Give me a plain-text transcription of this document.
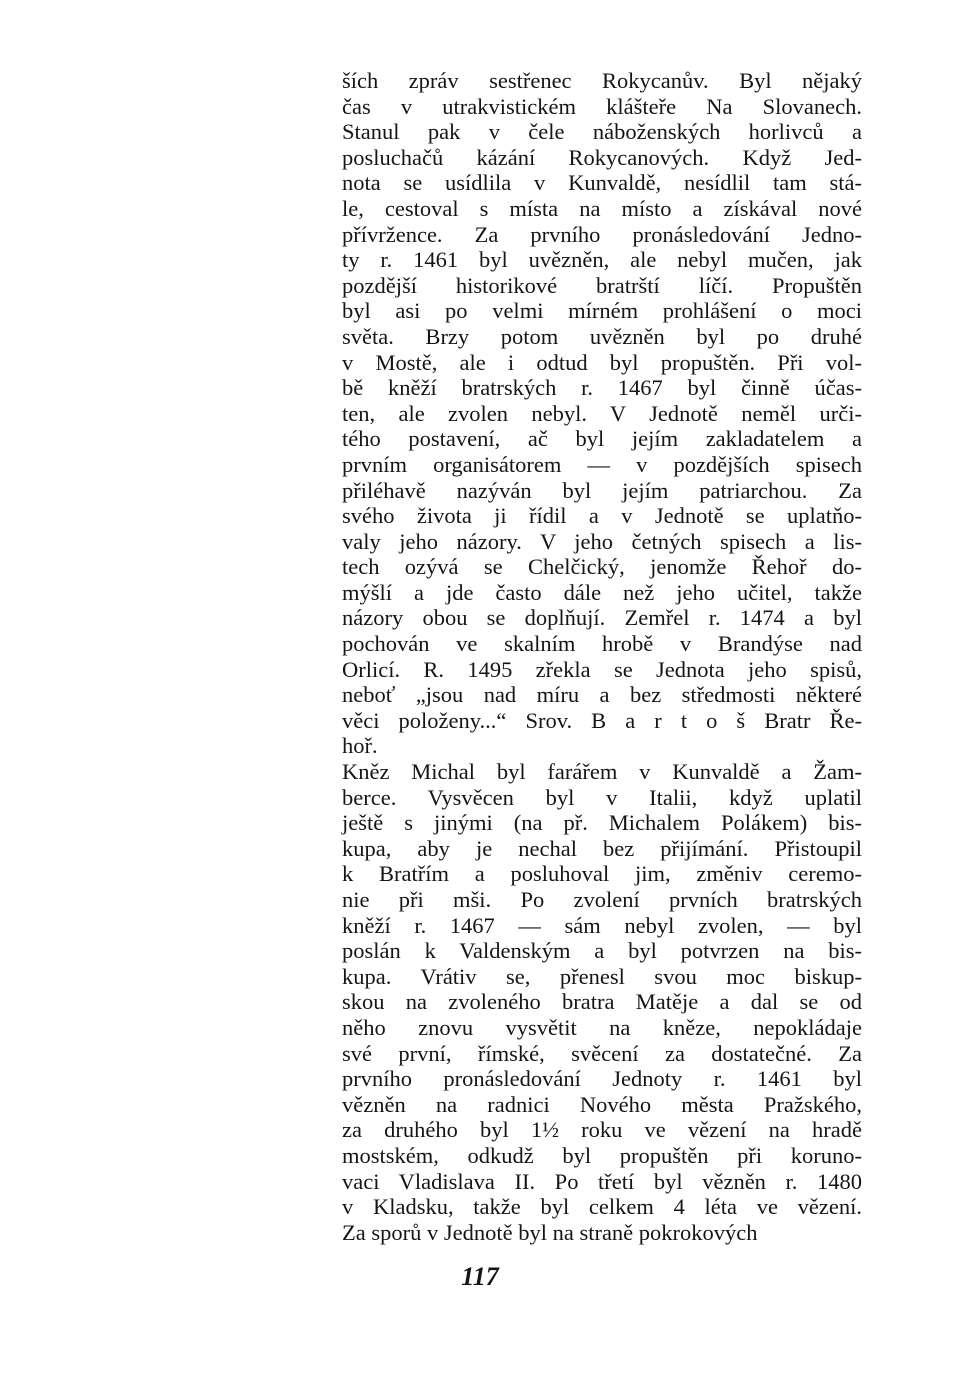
ších zpráv sestřenec Rokycanův. Byl nějaký
čas v utrakvistickém klášteře Na Slovanech.
Stanul pak v čele náboženských horlivců a
posluchačů kázání Rokycanových. Když Jed-
nota se usídlila v Kunvaldě, nesídlil tam stá-
le, cestoval s místa na místo a získával nové
přívržence. Za prvního pronásledování Jedno-
ty r. 1461 byl uvězněn, ale nebyl mučen, jak
pozdější historikové bratrští líčí. Propuštěn
byl asi po velmi mírném prohlášení o moci
světa. Brzy potom uvězněn byl po druhé
v Mostě, ale i odtud byl propuštěn. Při vol-
bě kněží bratrských r. 1467 byl činně účas-
ten, ale zvolen nebyl. V Jednotě neměl urči-
tého postavení, ač byl jejím zakladatelem a
prvním organisátorem — v pozdějších spisech
přiléhavě nazýván byl jejím patriarchou. Za
svého života ji řídil a v Jednotě se uplatňo-
valy jeho názory. V jeho četných spisech a lis-
tech ozývá se Chelčický, jenomže Řehoř do-
mýšlí a jde často dále než jeho učitel, takže
názory obou se doplňují. Zemřel r. 1474 a byl
pochován ve skalním hrobě v Brandýse nad
Orlicí. R. 1495 zřekla se Jednota jeho spisů,
neboť „jsou nad míru a bez středmosti některé
věci položeny...“ Srov. B a r t o š Bratr Ře-
hoř.
Kněz Michal byl farářem v Kunvaldě a Žam-
berce. Vysvěcen byl v Italii, když uplatil
ještě s jinými (na př. Michalem Polákem) bis-
kupa, aby je nechal bez přijímání. Přistoupil
k Bratřím a posluhoval jim, změniv ceremo-
nie při mši. Po zvolení prvních bratrských
kněží r. 1467 — sám nebyl zvolen, — byl
poslán k Valdenským a byl potvrzen na bis-
kupa. Vrátiv se, přenesl svou moc biskup-
skou na zvoleného bratra Matěje a dal se od
něho znovu vysvětit na kněze, nepokládaje
své první, římské, svěcení za dostatečné. Za
prvního pronásledování Jednoty r. 1461 byl
vězněn na radnici Nového města Pražského,
za druhého byl 1½ roku ve vězení na hradě
mostském, odkudž byl propuštěn při koruno-
vaci Vladislava II. Po třetí byl vězněn r. 1480
v Kladsku, takže byl celkem 4 léta ve vězení.
Za sporů v Jednotě byl na straně pokrokových
117
